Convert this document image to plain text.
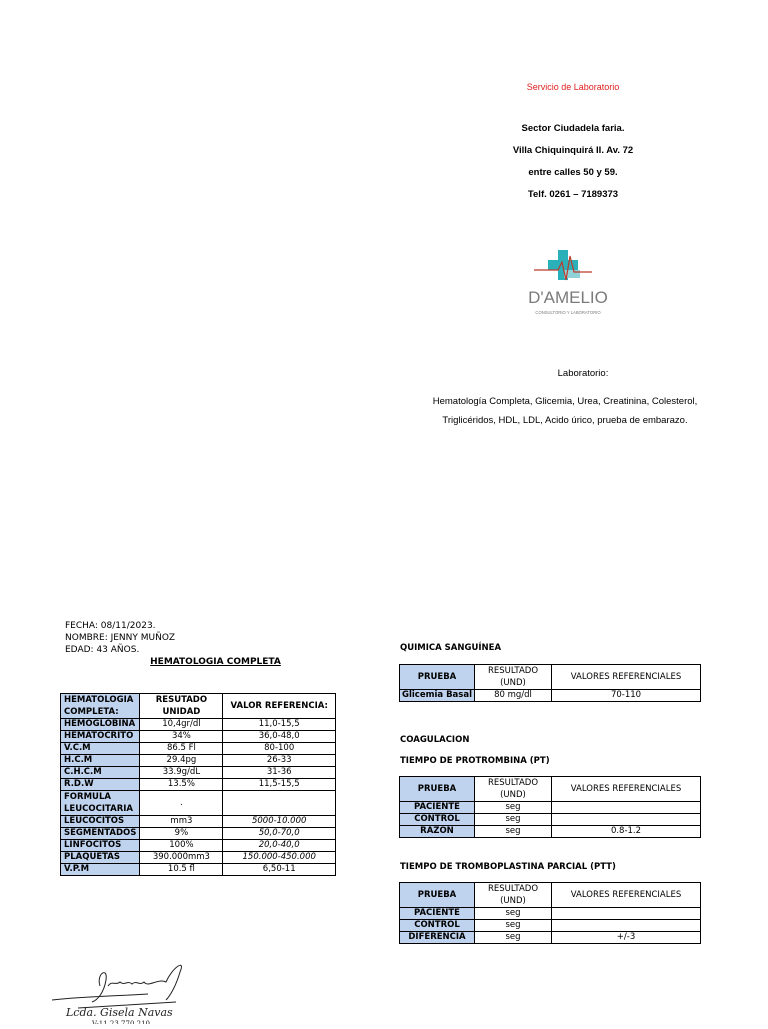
Servicio de Laboratorio
Sector Ciudadela faria.
Villa Chiquinquirá II. Av. 72
entre calles 50 y 59.
Telf. 0261 – 7189373
D'AMELIO
CONSULTORIO Y LABORATORIO
Laboratorio:
Hematología Completa, Glicemia, Urea, Creatinina, Colesterol, Triglicéridos, HDL, LDL, Acido úrico, prueba de embarazo.
FECHA: 08/11/2023.
NOMBRE: JENNY MUÑOZ
EDAD: 43 AÑOS.
HEMATOLOGIA COMPLETA
HEMATOLOGIA COMPLETA:	RESUTADO UNIDAD	VALOR REFERENCIA:
HEMOGLOBINA	10,4gr/dl	11,0-15,5
HEMATOCRITO	34%	36,0-48,0
V.C.M	86.5 Fl	80-100
H.C.M	29.4pg	26-33
C.H.C.M	33.9g/dL	31-36
R.D.W	13.5%	11,5-15,5
FORMULA LEUCOCITARIA	.	
LEUCOCITOS	mm3	5000-10.000
SEGMENTADOS	9%	50,0-70,0
LINFOCITOS	100%	20,0-40,0
PLAQUETAS	390.000mm3	150.000-450.000
V.P.M	10.5 fl	6,50-11
QUIMICA SANGUÍNEA
PRUEBA	RESULTADO (UND)	VALORES REFERENCIALES
Glicemia Basal	80 mg/dl	70-110
COAGULACION
TIEMPO DE PROTROMBINA (PT)
PRUEBA	RESULTADO (UND)	VALORES REFERENCIALES
PACIENTE	seg	
CONTROL	seg	
RAZON	seg	0.8-1.2
TIEMPO DE TROMBOPLASTINA PARCIAL (PTT)
PRUEBA	RESULTADO (UND)	VALORES REFERENCIALES
PACIENTE	seg	
CONTROL	seg	
DIFERENCIA	seg	+/-3
Lcda. Gisela Navas
V-11.23.770.210
